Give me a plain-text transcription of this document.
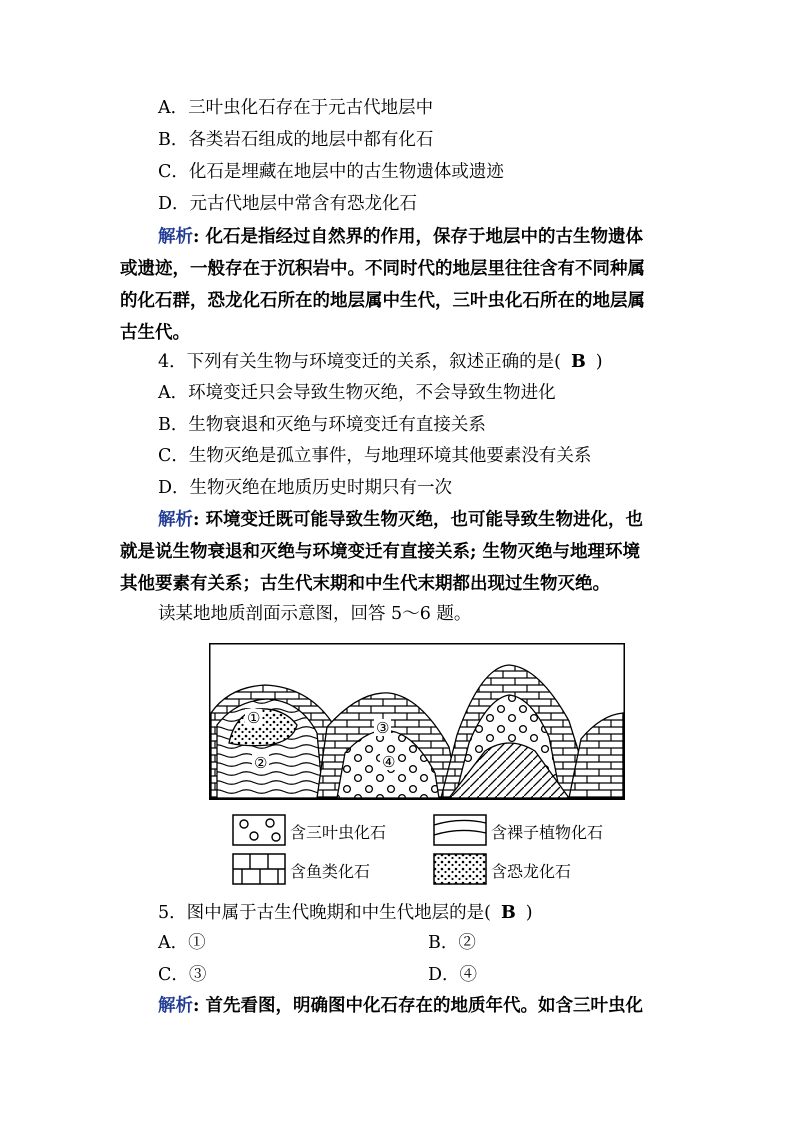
A．三叶虫化石存在于元古代地层中
B．各类岩石组成的地层中都有化石
C．化石是埋藏在地层中的古生物遗体或遗迹
D．元古代地层中常含有恐龙化石
解析: 化石是指经过自然界的作用，保存于地层中的古生物遗体
或遗迹，一般存在于沉积岩中。不同时代的地层里往往含有不同种属
的化石群，恐龙化石所在的地层属中生代，三叶虫化石所在的地层属
古生代。
4．下列有关生物与环境变迁的关系，叙述正确的是( B )
A．环境变迁只会导致生物灭绝，不会导致生物进化
B．生物衰退和灭绝与环境变迁有直接关系
C．生物灭绝是孤立事件，与地理环境其他要素没有关系
D．生物灭绝在地质历史时期只有一次
解析: 环境变迁既可能导致生物灭绝，也可能导致生物进化，也
就是说生物衰退和灭绝与环境变迁有直接关系; 生物灭绝与地理环境
其他要素有关系；古生代末期和中生代末期都出现过生物灭绝。
读某地地质剖面示意图，回答 5～6 题。
①
②
③
④
含三叶虫化石	含裸子植物化石
含鱼类化石	含恐龙化石
5．图中属于古生代晚期和中生代地层的是( B )
A．①	B．②
C．③	D．④
解析: 首先看图，明确图中化石存在的地质年代。如含三叶虫化
